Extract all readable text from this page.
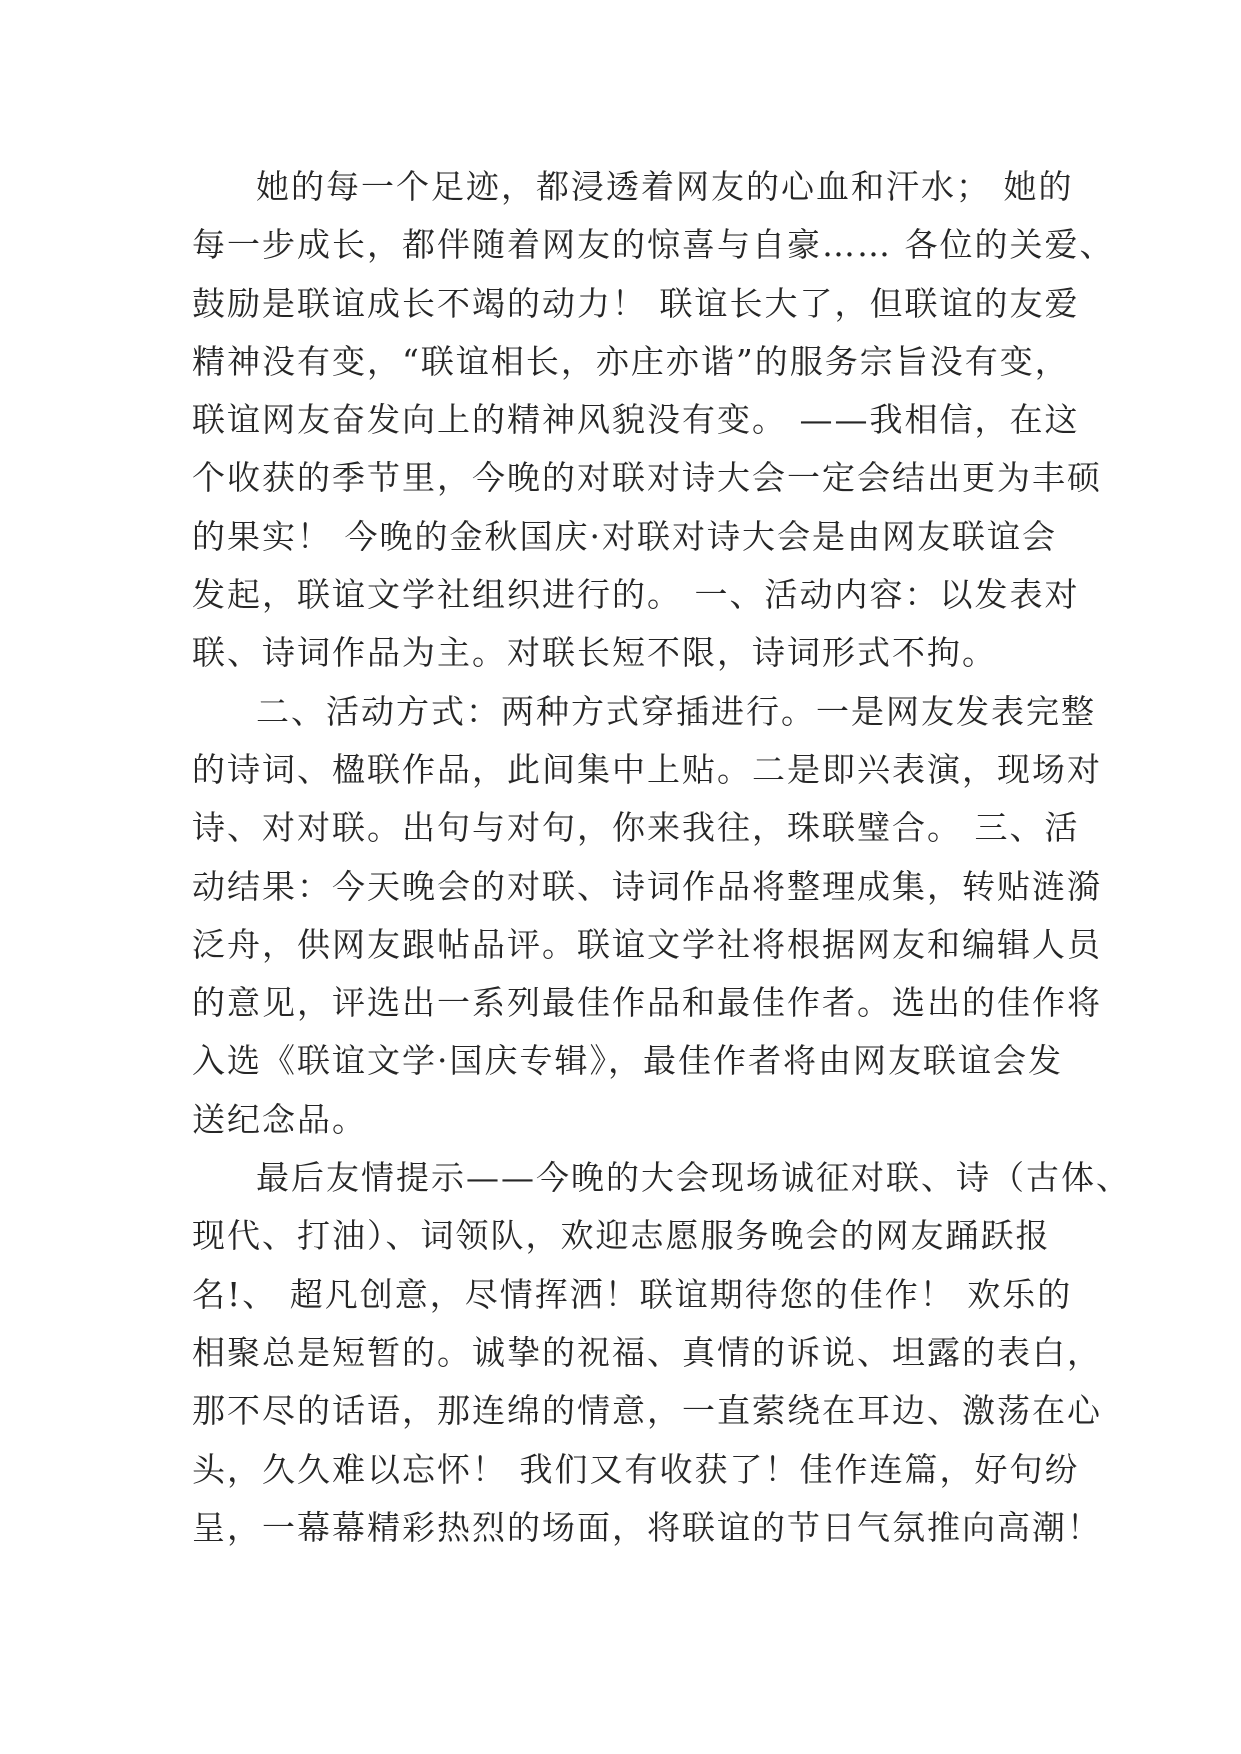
她的每一个足迹，都浸透着网友的心血和汗水； 她的
每一步成长，都伴随着网友的惊喜与自豪…… 各位的关爱、
鼓励是联谊成长不竭的动力！ 联谊长大了，但联谊的友爱
精神没有变，“联谊相长，亦庄亦谐”的服务宗旨没有变，
联谊网友奋发向上的精神风貌没有变。 ——我相信，在这
个收获的季节里，今晚的对联对诗大会一定会结出更为丰硕
的果实！ 今晚的金秋国庆·对联对诗大会是由网友联谊会
发起，联谊文学社组织进行的。 一、活动内容：以发表对
联、诗词作品为主。对联长短不限，诗词形式不拘。
二、活动方式：两种方式穿插进行。一是网友发表完整
的诗词、楹联作品，此间集中上贴。二是即兴表演，现场对
诗、对对联。出句与对句，你来我往，珠联璧合。 三、活
动结果：今天晚会的对联、诗词作品将整理成集，转贴涟漪
泛舟，供网友跟帖品评。联谊文学社将根据网友和编辑人员
的意见，评选出一系列最佳作品和最佳作者。选出的佳作将
入选《联谊文学·国庆专辑》，最佳作者将由网友联谊会发
送纪念品。
最后友情提示——今晚的大会现场诚征对联、诗（古体、
现代、打油）、词领队，欢迎志愿服务晚会的网友踊跃报
名!、 超凡创意，尽情挥洒！联谊期待您的佳作！ 欢乐的
相聚总是短暂的。诚挚的祝福、真情的诉说、坦露的表白，
那不尽的话语，那连绵的情意，一直萦绕在耳边、激荡在心
头，久久难以忘怀！ 我们又有收获了！佳作连篇，好句纷
呈，一幕幕精彩热烈的场面，将联谊的节日气氛推向高潮！
